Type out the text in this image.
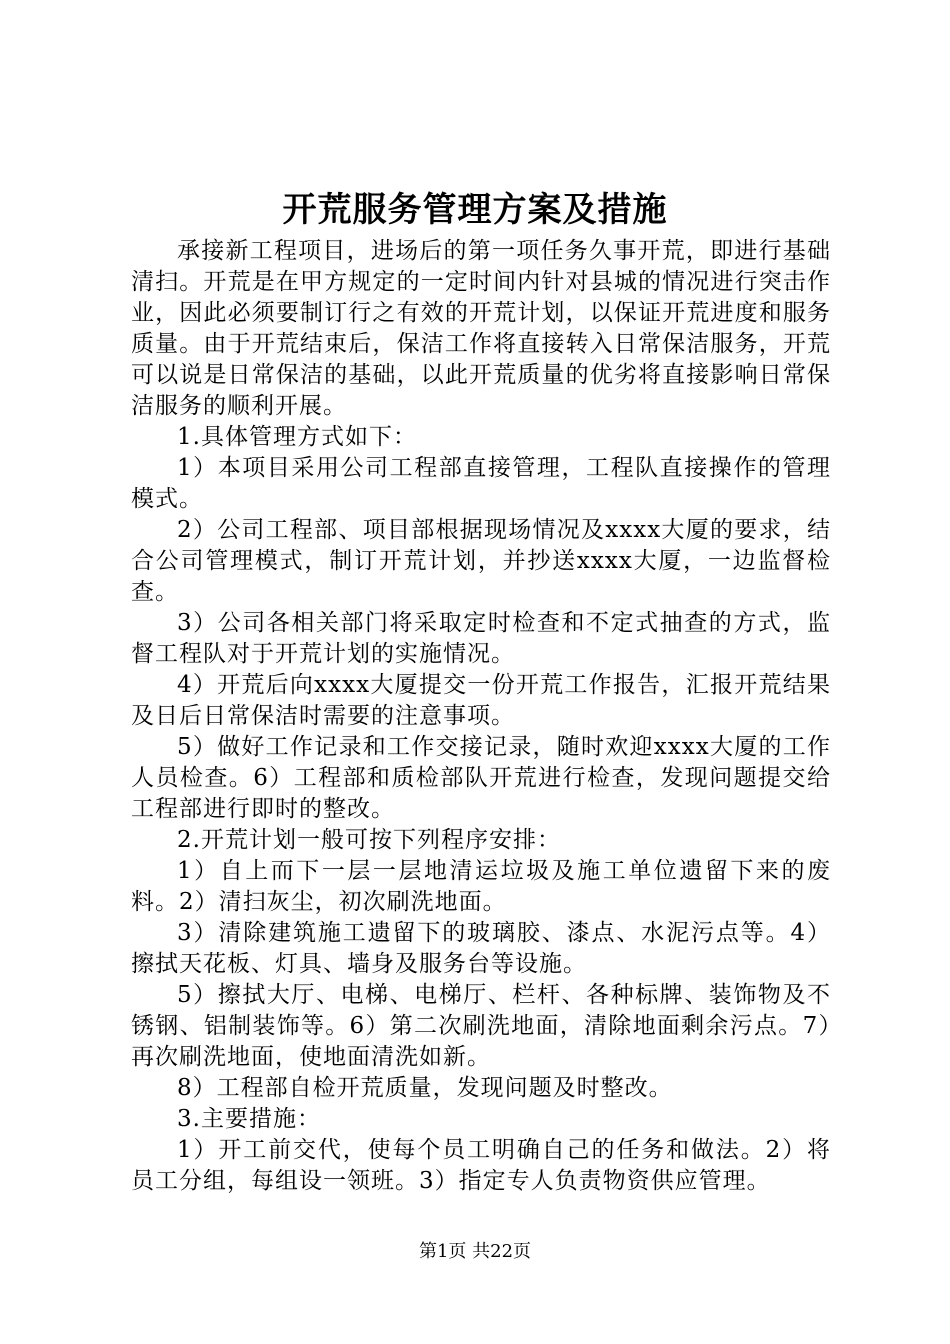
开荒服务管理方案及措施

承接新工程项目，进场后的第一项任务久事开荒，即进行基础清扫。开荒是在甲方规定的一定时间内针对县城的情况进行突击作业，因此必须要制订行之有效的开荒计划，以保证开荒进度和服务质量。由于开荒结束后，保洁工作将直接转入日常保洁服务，开荒可以说是日常保洁的基础，以此开荒质量的优劣将直接影响日常保洁服务的顺利开展。

1.具体管理方式如下：

1）本项目采用公司工程部直接管理，工程队直接操作的管理模式。

2）公司工程部、项目部根据现场情况及xxxx大厦的要求，结合公司管理模式，制订开荒计划，并抄送xxxx大厦，一边监督检查。

3）公司各相关部门将采取定时检查和不定式抽查的方式，监督工程队对于开荒计划的实施情况。

4）开荒后向xxxx大厦提交一份开荒工作报告，汇报开荒结果及日后日常保洁时需要的注意事项。

5）做好工作记录和工作交接记录，随时欢迎xxxx大厦的工作人员检查。6）工程部和质检部队开荒进行检查，发现问题提交给工程部进行即时的整改。

2.开荒计划一般可按下列程序安排：

1）自上而下一层一层地清运垃圾及施工单位遗留下来的废料。2）清扫灰尘，初次刷洗地面。

3）清除建筑施工遗留下的玻璃胶、漆点、水泥污点等。4）擦拭天花板、灯具、墙身及服务台等设施。

5）擦拭大厅、电梯、电梯厅、栏杆、各种标牌、装饰物及不锈钢、铝制装饰等。6）第二次刷洗地面，清除地面剩余污点。7）再次刷洗地面，使地面清洗如新。

8）工程部自检开荒质量，发现问题及时整改。

3.主要措施：

1）开工前交代，使每个员工明确自己的任务和做法。2）将员工分组，每组设一领班。3）指定专人负责物资供应管理。

第1页 共22页
